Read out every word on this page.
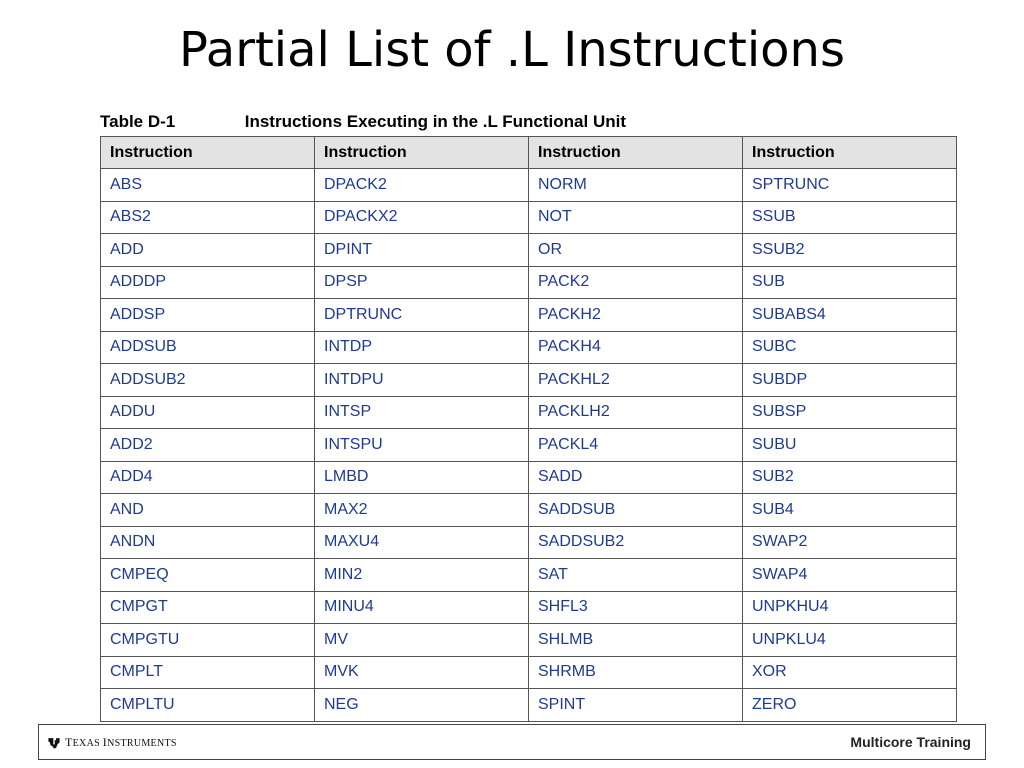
Partial List of .L Instructions
Table D-1	Instructions Executing in the .L Functional Unit
Instruction	Instruction	Instruction	Instruction
ABS	DPACK2	NORM	SPTRUNC
ABS2	DPACKX2	NOT	SSUB
ADD	DPINT	OR	SSUB2
ADDDP	DPSP	PACK2	SUB
ADDSP	DPTRUNC	PACKH2	SUBABS4
ADDSUB	INTDP	PACKH4	SUBC
ADDSUB2	INTDPU	PACKHL2	SUBDP
ADDU	INTSP	PACKLH2	SUBSP
ADD2	INTSPU	PACKL4	SUBU
ADD4	LMBD	SADD	SUB2
AND	MAX2	SADDSUB	SUB4
ANDN	MAXU4	SADDSUB2	SWAP2
CMPEQ	MIN2	SAT	SWAP4
CMPGT	MINU4	SHFL3	UNPKHU4
CMPGTU	MV	SHLMB	UNPKLU4
CMPLT	MVK	SHRMB	XOR
CMPLTU	NEG	SPINT	ZERO
TEXAS INSTRUMENTS	Multicore Training
